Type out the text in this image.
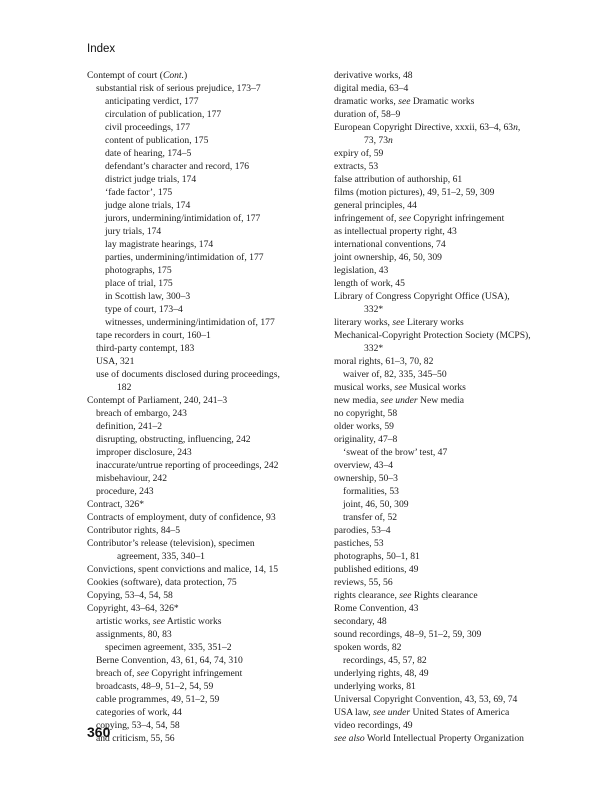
Index
Contempt of court (Cont.)
substantial risk of serious prejudice, 173–7
anticipating verdict, 177
circulation of publication, 177
civil proceedings, 177
content of publication, 175
date of hearing, 174–5
defendant’s character and record, 176
district judge trials, 174
‘fade factor’, 175
judge alone trials, 174
jurors, undermining/intimidation of, 177
jury trials, 174
lay magistrate hearings, 174
parties, undermining/intimidation of, 177
photographs, 175
place of trial, 175
in Scottish law, 300–3
type of court, 173–4
witnesses, undermining/intimidation of, 177
tape recorders in court, 160–1
third-party contempt, 183
USA, 321
use of documents disclosed during proceedings,
182
Contempt of Parliament, 240, 241–3
breach of embargo, 243
definition, 241–2
disrupting, obstructing, influencing, 242
improper disclosure, 243
inaccurate/untrue reporting of proceedings, 242
misbehaviour, 242
procedure, 243
Contract, 326*
Contracts of employment, duty of confidence, 93
Contributor rights, 84–5
Contributor’s release (television), specimen
agreement, 335, 340–1
Convictions, spent convictions and malice, 14, 15
Cookies (software), data protection, 75
Copying, 53–4, 54, 58
Copyright, 43–64, 326*
artistic works, see Artistic works
assignments, 80, 83
specimen agreement, 335, 351–2
Berne Convention, 43, 61, 64, 74, 310
breach of, see Copyright infringement
broadcasts, 48–9, 51–2, 54, 59
cable programmes, 49, 51–2, 59
categories of work, 44
copying, 53–4, 54, 58
and criticism, 55, 56
derivative works, 48
digital media, 63–4
dramatic works, see Dramatic works
duration of, 58–9
European Copyright Directive, xxxii, 63–4, 63n,
73, 73n
expiry of, 59
extracts, 53
false attribution of authorship, 61
films (motion pictures), 49, 51–2, 59, 309
general principles, 44
infringement of, see Copyright infringement
as intellectual property right, 43
international conventions, 74
joint ownership, 46, 50, 309
legislation, 43
length of work, 45
Library of Congress Copyright Office (USA),
332*
literary works, see Literary works
Mechanical-Copyright Protection Society (MCPS),
332*
moral rights, 61–3, 70, 82
waiver of, 82, 335, 345–50
musical works, see Musical works
new media, see under New media
no copyright, 58
older works, 59
originality, 47–8
‘sweat of the brow’ test, 47
overview, 43–4
ownership, 50–3
formalities, 53
joint, 46, 50, 309
transfer of, 52
parodies, 53–4
pastiches, 53
photographs, 50–1, 81
published editions, 49
reviews, 55, 56
rights clearance, see Rights clearance
Rome Convention, 43
secondary, 48
sound recordings, 48–9, 51–2, 59, 309
spoken words, 82
recordings, 45, 57, 82
underlying rights, 48, 49
underlying works, 81
Universal Copyright Convention, 43, 53, 69, 74
USA law, see under United States of America
video recordings, 49
see also World Intellectual Property Organization
360
